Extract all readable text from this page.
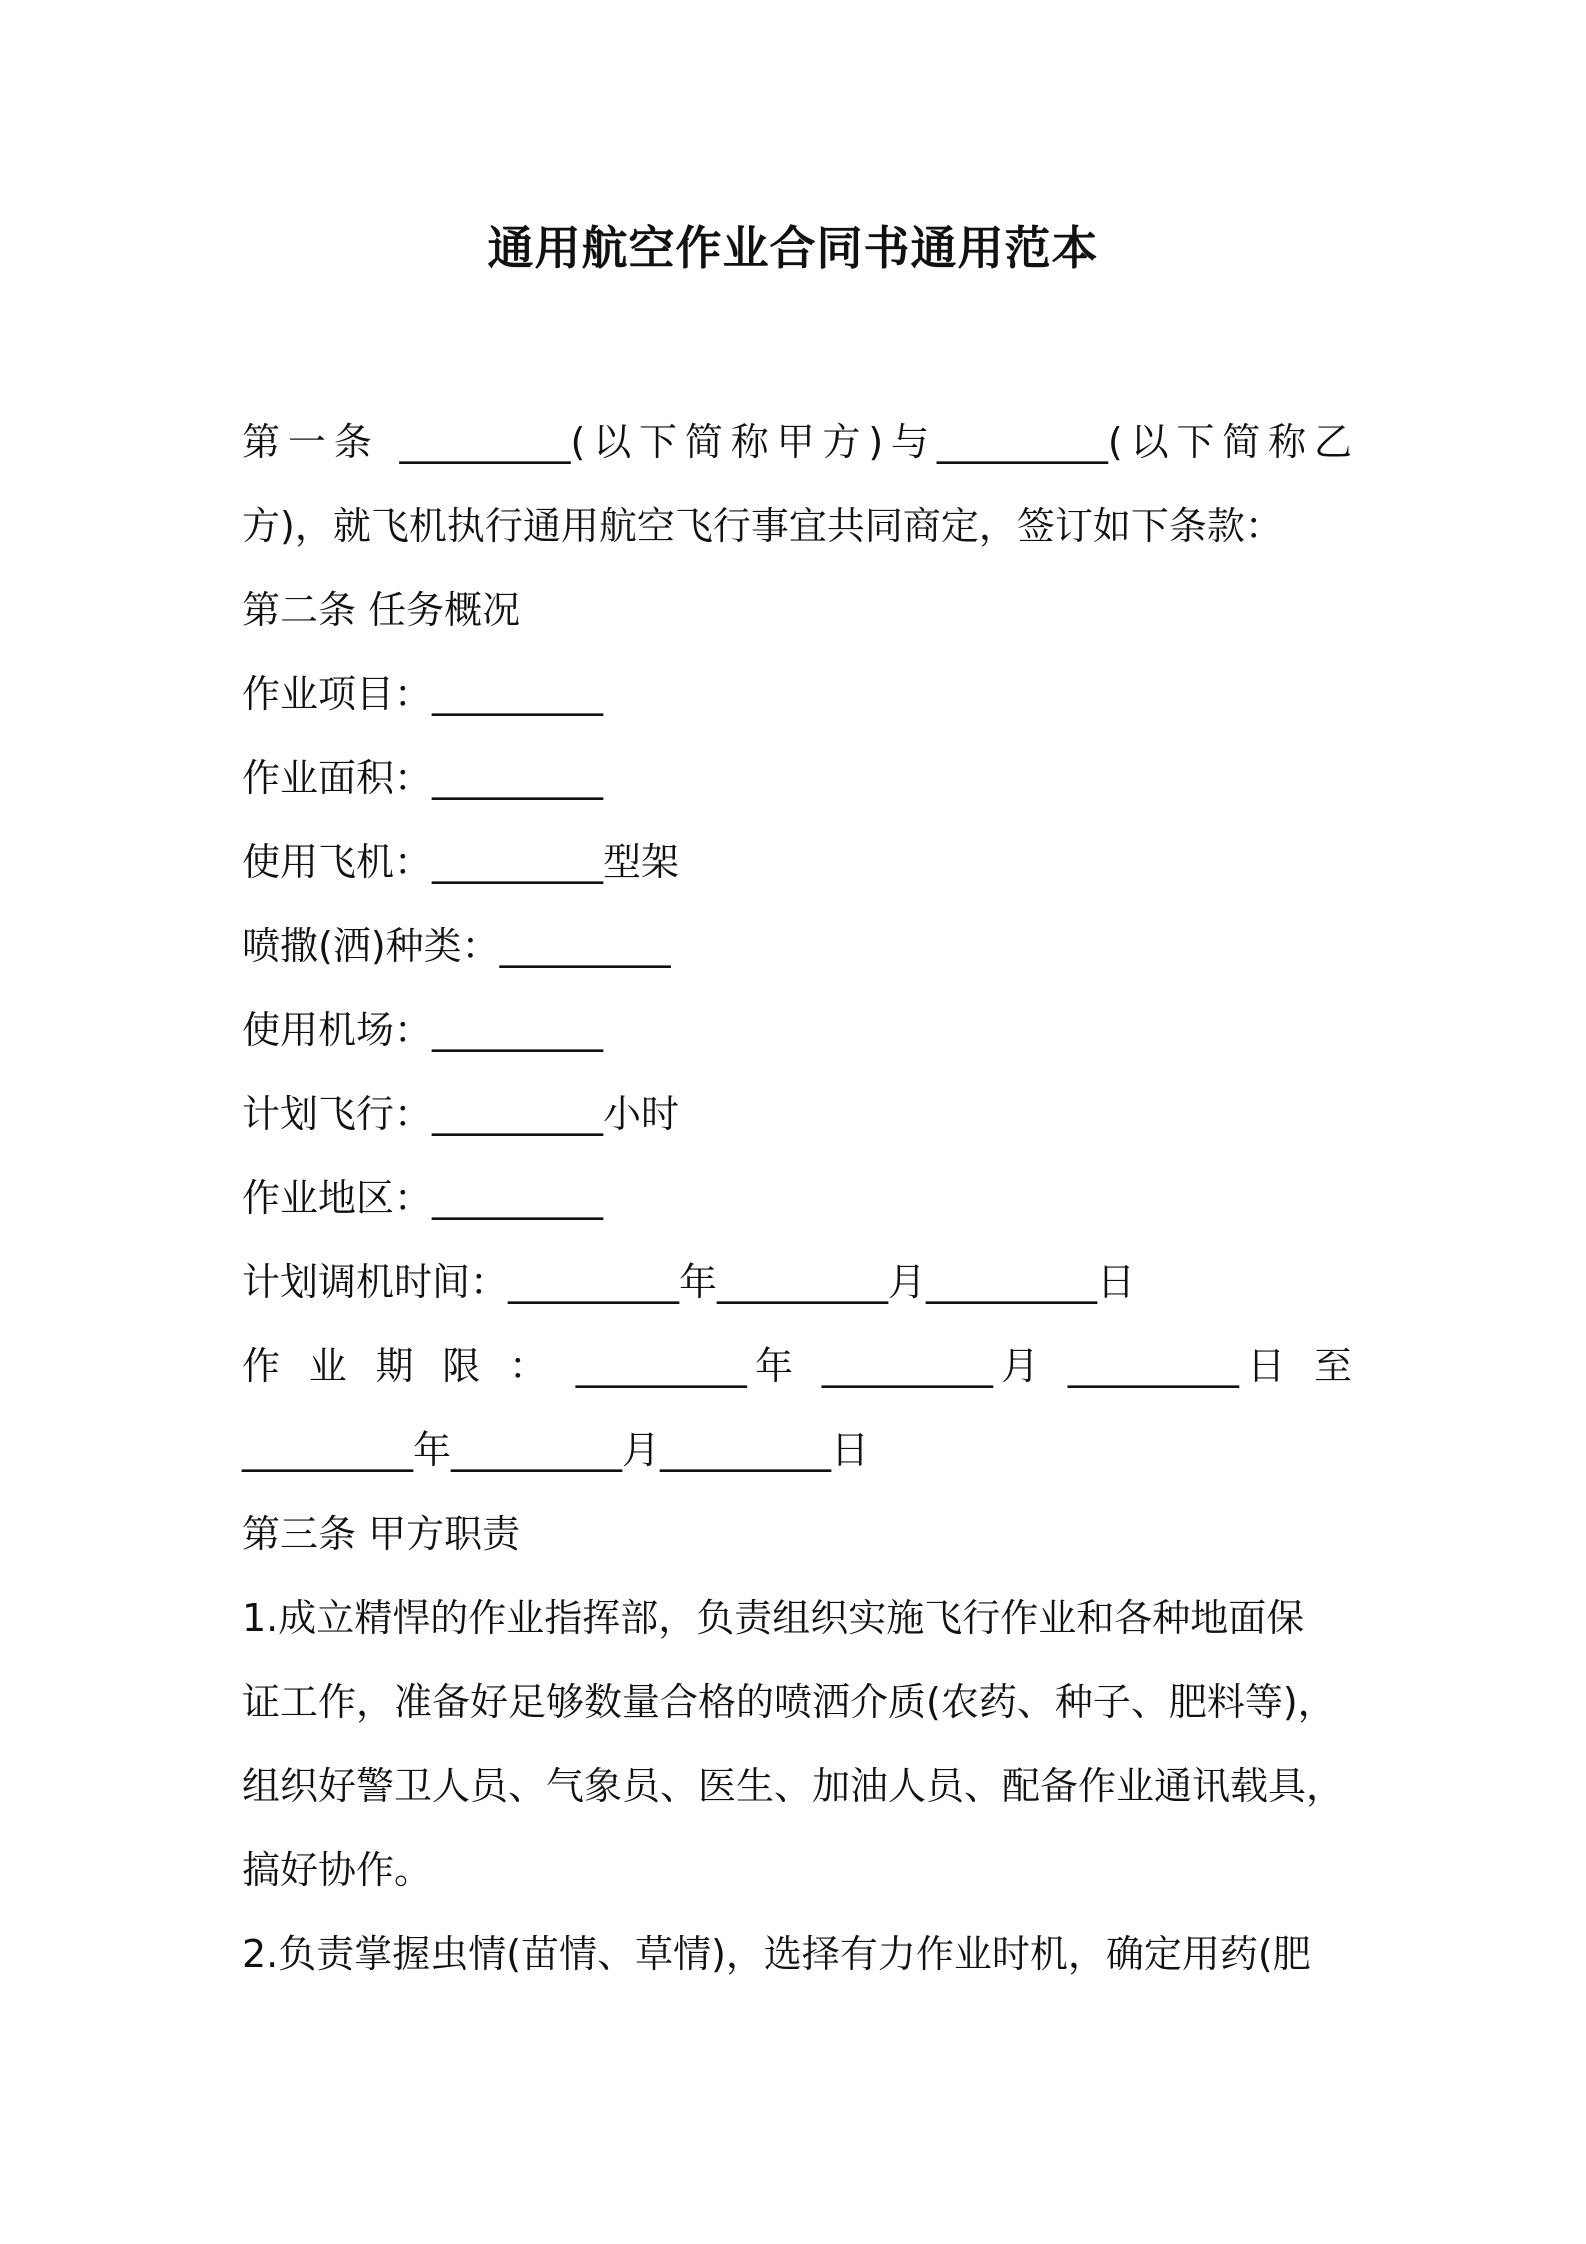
通用航空作业合同书通用范本
第一条 _________(以下简称甲方)与_________(以下简称乙
方)，就飞机执行通用航空飞行事宜共同商定，签订如下条款：
第二条 任务概况
作业项目：_________
作业面积：_________
使用飞机：_________型架
喷撒(洒)种类：_________
使用机场：_________
计划飞行：_________小时
作业地区：_________
计划调机时间：_________年_________月_________日
作 业 期 限 ： _________年 _________月 _________日 至
_________年_________月_________日
第三条 甲方职责
1.成立精悍的作业指挥部，负责组织实施飞行作业和各种地面保
证工作，准备好足够数量合格的喷洒介质(农药、种子、肥料等)，
组织好警卫人员、气象员、医生、加油人员、配备作业通讯载具，
搞好协作。
2.负责掌握虫情(苗情、草情)，选择有力作业时机，确定用药(肥
